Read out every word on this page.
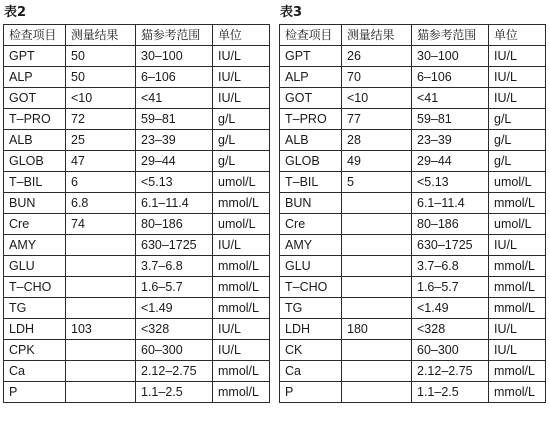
表2
检查项目	测量结果	猫参考范围	单位
GPT	50	30–100	IU/L
ALP	50	6–106	IU/L
GOT	<10	<41	IU/L
T–PRO	72	59–81	g/L
ALB	25	23–39	g/L
GLOB	47	29–44	g/L
T–BIL	6	<5.13	umol/L
BUN	6.8	6.1–11.4	mmol/L
Cre	74	80–186	umol/L
AMY		630–1725	IU/L
GLU		3.7–6.8	mmol/L
T–CHO		1.6–5.7	mmol/L
TG		<1.49	mmol/L
LDH	103	<328	IU/L
CPK		60–300	IU/L
Ca		2.12–2.75	mmol/L
P		1.1–2.5	mmol/L
表3
检查项目	测量结果	猫参考范围	单位
GPT	26	30–100	IU/L
ALP	70	6–106	IU/L
GOT	<10	<41	IU/L
T–PRO	77	59–81	g/L
ALB	28	23–39	g/L
GLOB	49	29–44	g/L
T–BIL	5	<5.13	umol/L
BUN		6.1–11.4	mmol/L
Cre		80–186	umol/L
AMY		630–1725	IU/L
GLU		3.7–6.8	mmol/L
T–CHO		1.6–5.7	mmol/L
TG		<1.49	mmol/L
LDH	180	<328	IU/L
CK		60–300	IU/L
Ca		2.12–2.75	mmol/L
P		1.1–2.5	mmol/L
